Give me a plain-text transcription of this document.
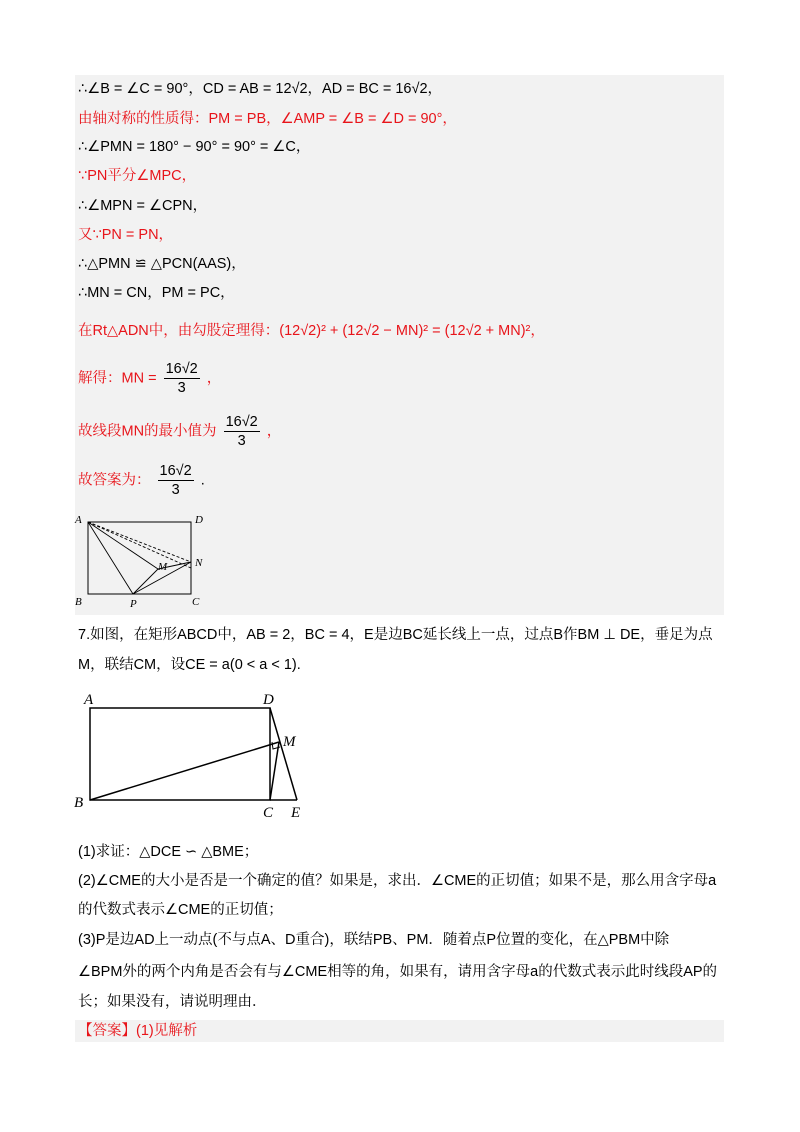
∴∠B = ∠C = 90°，CD = AB = 12√2，AD = BC = 16√2，
由轴对称的性质得：PM = PB，∠AMP = ∠B = ∠D = 90°，
∴∠PMN = 180° − 90° = 90° = ∠C，
∵PN平分∠MPC，
∴∠MPN = ∠CPN，
又∵PN = PN，
∴△PMN ≌ △PCN(AAS)，
∴MN = CN，PM = PC，
在Rt△ADN中，由勾股定理得：(12√2)² + (12√2 − MN)² = (12√2 + MN)²，
解得：MN = $\frac{16√2}{3}$ ，
故线段MN的最小值为 $\frac{16√2}{3}$ ，
故答案为： $\frac{16√2}{3}$ .
A	D
N
M
B	P	C
7.如图，在矩形ABCD中，AB = 2，BC = 4，E是边BC延长线上一点，过点B作BM ⊥ DE，垂足为点
M，联结CM，设CE = a(0 < a < 1).
A	D
M
B
C E
(1)求证：△DCE ∽ △BME；
(2)∠CME的大小是否是一个确定的值？如果是，求出．∠CME的正切值；如果不是，那么用含字母a
的代数式表示∠CME的正切值；
(3)P是边AD上一动点(不与点A、D重合)，联结PB、PM．随着点P位置的变化，在△PBM中除
∠BPM外的两个内角是否会有与∠CME相等的角，如果有，请用含字母a的代数式表示此时线段AP的
长；如果没有，请说明理由．
【答案】(1)见解析
